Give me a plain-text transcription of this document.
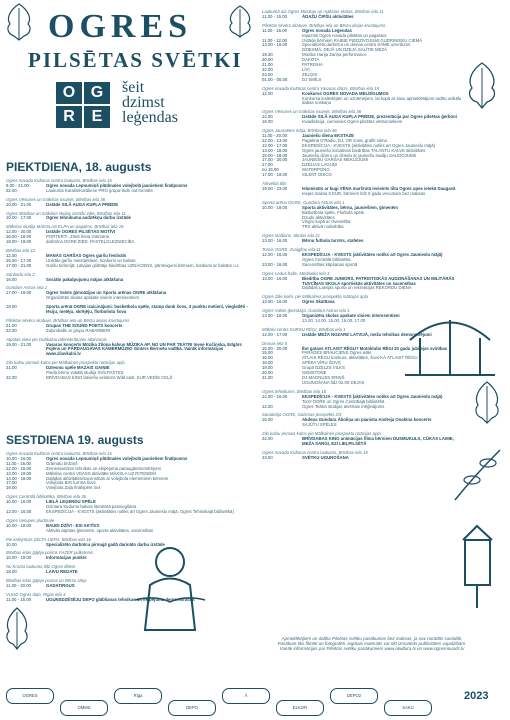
OGRES
PILSĒTAS SVĒTKI
O G
R	E
šeit
dzimst
leģendas
PIEKTDIENA, 18. augusts
Ogres novada Kultūras centra laukums, Brīvības iela 15
9.00 - 21.00	Ogres novada Lepnumiņš plūdmales volejbolā jaunietiem finālposms
22.00	Laukuma Karalis/Karaliene PRO grupa-Side out formāts
Ogres Vēstures un mākslas muzejs, Brīvības iela 36
10.00 - 21.00	Izstāde SILĀ AUGA KUPLA PRIEDE
Ogres Mūzikas un mākslas skolas izstāžu zāle, Brīvības iela 11
10.00 - 17.00	Ogres tehnikuma audzēkņu darbu izstāde
Mākslas studija MĀKSLAS ELPA un pagalms, Brīvības iela 16
12.00 - 20.00	Izstāde OGRES PILSĒTAS MOTĪVI
16.00 - 18.00	PORTERTI. Zīmē Ilona Gūtmane
18.00 - 19.00	darbnīca OGRE ZIED. PASTEĻGLEZNIECĪBA
Brīvības iela 12
12.00	MANAS GARŠAS Ogres garšu festivāls
15.00 - 17.00	Unikālo garšu meistarklase, konkursi un balvas
17.00 - 21.00	Garšu teritorijā: Latvijas grilētāju biedrības UZNĀCIENS, pārsteigumi bērniem, konkursi ar balvām u.c
Sūnbūdu iela 2
16.00	Sociālo pakalpojumu mājas atklāšana
Gundars Astras iela 1
17.00 - 19.00	Ogres Valsts ģimnāzijas un Sporta arēnas OGRE atklāšana
Organizētās skolas apskate visiem interesentiem
18.00	Sporta arēnā OGRE izaicinājumi: basketbola spēle, stamp dunk šovs, 3 punktu metieni, vieglatlēti - lēciju, metēju, skrējēju, florbolistu šova
Pilsētas skvēra skatuve, Brīvības iela un Bērzu alejas krustojums
21.00	Grupas THE SOUND POETS koncerts
22.00	Zaļumballe ar grupu RABARBERI
Atpūtas vieta pie Dubkalnu ūdenskrātuves atlaivarais
19.00 - 21.00	Vasaras koncerts Mūzika Ziloņa kalvus MŪZIKA AP, NO UN PAR TEĀTRI Inese Kučinska, Edgārs Pujēns un PĀRDAUGAVAS KAMERMŪZIĶI Ginters Bernsēa vadībā. Vairāk informācijas www.zilavkalni.lv
Zilo kalnu pirmais kalns pie Mālkalnes prospekta rotācijas apļa
21.00	Dzīesmu spēle MAZAIS GAIŅIE
Pieda bērnu vokālā studija SVILPASTES
22.00	BRĪVDABAS KINO latviešu vesterns Wild east. KUR VEDĪS CEĻŠ
SESTDIENA 19. augusts
Ogres novada Kultūras centra laukums, Brīvības iela 15
10.00 - 16.00	Ogres novada Lepnumiņš plūdmales volejbolā jaunietiem finālposms
11.00 - 16.00	Grāmatu tirdziņš
12.00 - 15.00	Zemessardzes tehnikas un ekipējuma paraugdemonstrējumi
13.00 - 19.00	Mākslas centra VDASS aktivitāte MĀKSLA UZ RITENIEM
14.00 - 18.00	Daļādas aktivitātes/sacensības ar volejbola elementiem bērniem
17.00	Volejbola BIG turnīra šovs
19.00	Volejbola Zaļa finālspēle 4x4
Ogres Centrālā bibliotēka, Brīvības iela 36
10.00 - 16.00	LIELĀ LEĢENDU SPĒLE
Dzintara Sodumu balvas literatūrā pasniegšana
12.00 - 16.00	EKSPEDĪCIJA - KVESTS (aktivitātes notiks arī Ogres Jaunieslu mājā, Ogres Tehniskajā bibliotēkā)
Ogres Vecupes pludmale
10.00 - 18.00	BAUDI DZĪVI - ESI AKTĪVS
Aktīvās atpūtas ģimenēm, sporta aktivitātes, sacensības
Pie kafejnīcas ZELTA LIEPA, Brīvības iela 16
10.00	Specializēto darbnīcu pirmajā gadā darināto darbu izstāde
Brīvības ielas gājēju posms FAZER pulkstenis
15.00 - 19.00	Informācijas punkts
No Krasta laukuma līdz Ogres tiltiem
18.00	LAIVU REGATE
Brīvības ielas gājēju posms un Bērzu aleja
11.00 - 20.00	GADATIRGUS
VUGD Ogres daļa, Rīgas iela 4
11.00 - 15.00	UGUNSDZĒSĒJU DEPO glābšanas tehnikas un ekipējuma demonstrācija
Laukumā aiz Ogres Mūzikas un mākslas skolas, Brīvības iela 11
11.00 - 15.00	ĀDAŽU ČIPŠU aktivitātes
Pilsētas skvēra skatuve, Brīvības iela un Bērzu alejas krustojums
11.00 - 16.00	Ogres novada Leģendas
Iepazīsti Ogres novada pilsētas un pagastus
11.00 - 12.00	Izstāde bērniem RAIBIE PIEDZĪVOJUMI GUDRINIEKU CIEMĀ
13.00 - 15.00	Specializēto darbnīcu un dienas centra SAME uzvedums
DZIESMĀ, DEJĀ UN DZEJĀ SALĪTIE MEZĀ
19.30	Mūzika Harija Zariņa performance
20.00	DAKOTA
21.00	PATRISHA
22.00	LĪVI
23.00	ZELĢIS
01.00 - 05.00	DJ EMĪLS
Ogres novada Kultūras centra Vasaras dārzs, Brīvības iela 15
12.00	Konkurss OGRES NOVADA MELDĪGUMOS
Konkursa ieslēvlējām un uzņēmējiem, lai kopā ar savu apmeklētājiem radītu unikālu dabas noskaņu
Ogres Vēstures un mākslas muzejs, Brīvības iela 36
12.00	Izstāde SILĀ AUGA KUPLA PRIEDE, prezentācija par Ogres pilsētas ģerboni
16.00	Ievadlekcija, ciemosies Ogres pilsētas vēsturniekiem
Ogres Jaunatnes māja, Brīvības iela 46
11.00 - 20.00	Jauniešu diena EKSTAZE
12.00 - 13.00	Pagalmā O'Radio, DJ, GR zona, grafiti siena
12.00 - 17.00	EKSPEDĪCIJA - KVESTS (aktivitātes notiks arī Ogres Jaunieslu mājā)
13.00 - 18.00	Ogres jauniešu iniciatīvas biedrības TALANTU KALVE aktivitātes
15.00 - 18.00	Jauniešu dzieru un dziedu ar jauniešu studiju SALIDOJUMS
17.00 - 20.00	JAUNIEŠU GARŠAS MEKLĒJUMI
17.00	DZELIAS LAGUŅI
no 15.00	WATERPONG
17.00 - 19.00	SILENT DISCO
Ārkvelda tilts
19.00 - 23.00	Ielumināts ar kugi VĒNA maršrutā ievieinīs tilta Ogres upes ietekā Daugavā
Ieejas maksa 5 EUR, bērniem līdz 5 gadu vecumam bez maksas
Sporta arēna OGRE, Gundara Astras iela 1
10.00 - 19.00	Sporta aktivitātes, bērnu, jauniešiem, ģimenēm
Basketbola spēle, Florbola spēle
Dzudo aktivitātes
Vingro kopā ar Oveselība
TRX aktivā nodarbība
Ogres stadions, Skolas iela 21
13.00 - 16.00	Bērnu futbola turnīrs, stafetes
Tornis OGRE, Zvaigžņu iela 11
12.00 - 16.00	EKSPEDĪCIJA - KVESTS (aktivitātes notiks arī Ogres Jaunieslu mājā)
Ogres Centrālā bibliotēka
13.00 - 16.00	Sacensības kāpšanas sportā
Ogres Ledus halle, Mednieku iela 3
13.00 - 16.00	Biedrība OGRE JUNIORS, PATRIOTISKĀS AUDZINĀŠANAS UN MILITĀRĀS TUVCĪŅAS SKOLA sportiskās aktivitātes un sacensības
Daļādas Latvijas sporta un rekreācijas REKORDU DIENA
Ogres Zilie kalni, pie Mālkalnes prospekta rotācijas apļa
13.00 - 19.00	Ogres Skatītava
Ogres Valsts ģimnāzija, Gundara Astras iela 1
13.00 - 18.00	Organizēta skolas apskate visiem interesentiem
13.00, 14.00, 15.00, 16.00, 17.00
Mākslu centrs KURSU RĒĢI, Brīvības iela 1
12.00 - 17.00	Izstāde MEŽA NOZARE LATVIJĀ, meža tehnikas demonstrējumi
Drovas iela 5
15.00 - 20.00	Ēst gatavs ATLAIST RĒGU? Motoklubs RĒGI 20 gadu jubilejas svinības
15.00	PARĀDES BRAUCIENS Ogres ielās
16.00	ATLAIS RĒGU konkurs, aktivitātes, šovs KĀ ATLAIST RĒGU
18.00	SPĒKA VĪRU ŠOVS
19.00	Grupa DZELZS VILKS
20.00	GEMSTONE
21.00	DJ MAGNUSS ERIŅŠ
UGUNOŠANA līdz 02.00 DEJAS
Ogres tehnikums, Brīvības iela 16
12.00 - 16.00	EKSPEDĪCIJA - KVESTS (aktivitātes notiks arī Ogres Jaunieslu mājā)
Tornī OGRE un Ogres Centrālajā bibliotēkā
12.00	Ogres Teātra studijas atvērtais mēģinājums
Sanatorija OGRE, Gaismas prospekts 2/4
16.00	Akdeņa Gundara Āboliņa un pianista Andreja Osokina koncerts
SAJŪTU SPĒLES
Zilo kalnu pirmais kalns pie Mālkalnes prospekta rotācijas apļa
22.00	BRĪVDABAS KINO animācijas filma bērniem DUSMUKULS, CŪKAS LAIME, MEŽA SARGI, EZI LIELPILSĒTĀ
Ogres novada Kultūras centra laukums, Brīvības iela 15
23.50	SVĒTKU UGUNOŠANA
Apmeklētājiem un dalība Pilsētas svētku pasākumos bez maksas, ja nav norādīts savādāk.
Pasākum tiks filmēti un fotografēti, iegūtais materiāls var tikt izmantots publicitātes vajadzībām.
Vairāk informācijas par Pilsētas svētku pasākumiem www.okultura.lv un www.ogresnovads.lv
OGRES
OMMS
Rīga
DEPO
Ā
ELKOR
DEPO2
SAKU
2023
